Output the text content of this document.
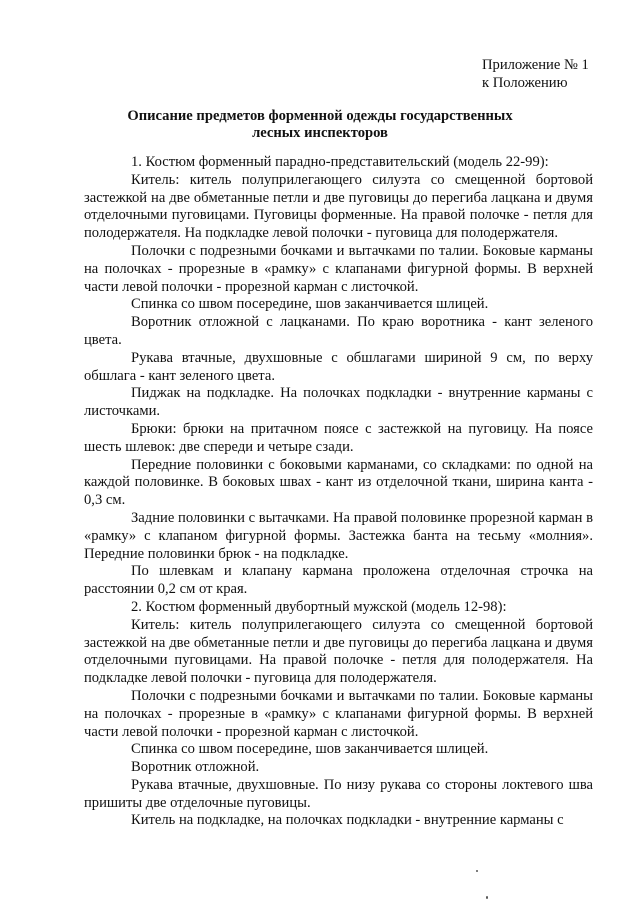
Приложение № 1
к Положению
Описание предметов форменной одежды государственных
лесных инспекторов

1. Костюм форменный парадно-представительский (модель 22-99):

Китель: китель полуприлегающего силуэта со смещенной бортовой застежкой на две обметанные петли и две пуговицы до перегиба лацкана и двумя отделочными пуговицами. Пуговицы форменные. На правой полочке - петля для полодержателя. На подкладке левой полочки - пуговица для полодержателя.

Полочки с подрезными бочками и вытачками по талии. Боковые карманы на полочках - прорезные в «рамку» с клапанами фигурной формы. В верхней части левой полочки - прорезной карман с листочкой.

Спинка со швом посередине, шов заканчивается шлицей.

Воротник отложной с лацканами. По краю воротника - кант зеленого цвета.

Рукава втачные, двухшовные с обшлагами шириной 9 см, по верху обшлага - кант зеленого цвета.

Пиджак на подкладке. На полочках подкладки - внутренние карманы с листочками.

Брюки: брюки на притачном поясе с застежкой на пуговицу. На поясе шесть шлевок: две спереди и четыре сзади.

Передние половинки с боковыми карманами, со складками: по одной на каждой половинке. В боковых швах - кант из отделочной ткани, ширина канта - 0,3 см.

Задние половинки с вытачками. На правой половинке прорезной карман в «рамку» с клапаном фигурной формы. Застежка банта на тесьму «молния». Передние половинки брюк - на подкладке.

По шлевкам и клапану кармана проложена отделочная строчка на расстоянии 0,2 см от края.

2. Костюм форменный двубортный мужской (модель 12-98):

Китель: китель полуприлегающего силуэта со смещенной бортовой застежкой на две обметанные петли и две пуговицы до перегиба лацкана и двумя отделочными пуговицами. На правой полочке - петля для полодержателя. На подкладке левой полочки - пуговица для полодержателя.

Полочки с подрезными бочками и вытачками по талии. Боковые карманы на полочках - прорезные в «рамку» с клапанами фигурной формы. В верхней части левой полочки - прорезной карман с листочкой.

Спинка со швом посередине, шов заканчивается шлицей.

Воротник отложной.

Рукава втачные, двухшовные. По низу рукава со стороны локтевого шва пришиты две отделочные пуговицы.

Китель на подкладке, на полочках подкладки - внутренние карманы с
